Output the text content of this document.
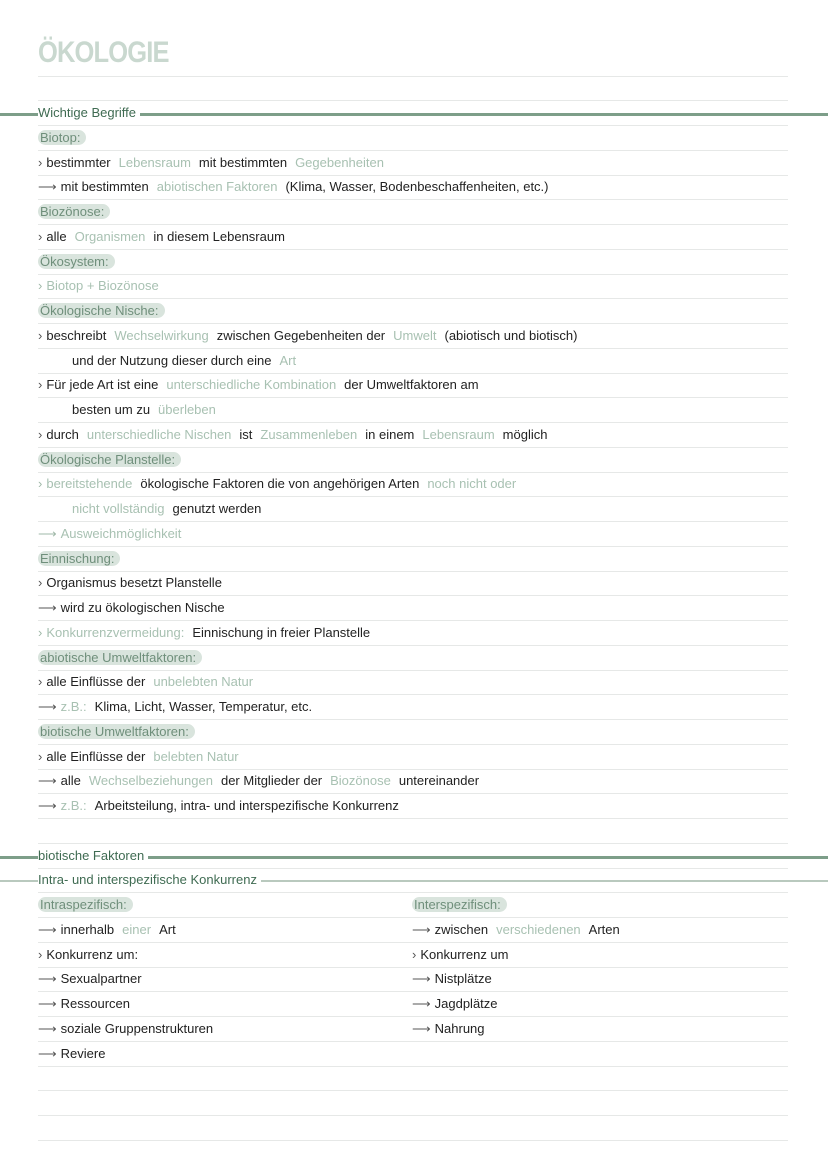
ÖKOLOGIE
Wichtige Begriffe
Biotop:
› bestimmter Lebensraum mit bestimmten Gegebenheiten
⟶ mit bestimmten abiotischen Faktoren (Klima, Wasser, Bodenbeschaffenheiten, etc.)
Biozönose:
› alle Organismen in diesem Lebensraum
Ökosystem:
› Biotop + Biozönose
Ökologische Nische:
› beschreibt Wechselwirkung zwischen Gegebenheiten der Umwelt (abiotisch und biotisch)
und der Nutzung dieser durch eine Art
› Für jede Art ist eine unterschiedliche Kombination der Umweltfaktoren am
besten um zu überleben
› durch unterschiedliche Nischen ist Zusammenleben in einem Lebensraum möglich
Ökologische Planstelle:
› bereitstehende ökologische Faktoren die von angehörigen Arten noch nicht oder
nicht vollständig genutzt werden
⟶ Ausweichmöglichkeit
Einnischung:
› Organismus besetzt Planstelle
⟶ wird zu ökologischen Nische
› Konkurrenzvermeidung: Einnischung in freier Planstelle
abiotische Umweltfaktoren:
› alle Einflüsse der unbelebten Natur
⟶ z.B.: Klima, Licht, Wasser, Temperatur, etc.
biotische Umweltfaktoren:
› alle Einflüsse der belebten Natur
⟶ alle Wechselbeziehungen der Mitglieder der Biozönose untereinander
⟶ z.B.: Arbeitsteilung, intra- und interspezifische Konkurrenz
biotische Faktoren
Intra- und interspezifische Konkurrenz
Intraspezifisch:	Interspezifisch:
⟶ innerhalb einer Art	⟶ zwischen verschiedenen Arten
› Konkurrenz um:	› Konkurrenz um
⟶ Sexualpartner	⟶ Nistplätze
⟶ Ressourcen	⟶ Jagdplätze
⟶ soziale Gruppenstrukturen	⟶ Nahrung
⟶ Reviere
